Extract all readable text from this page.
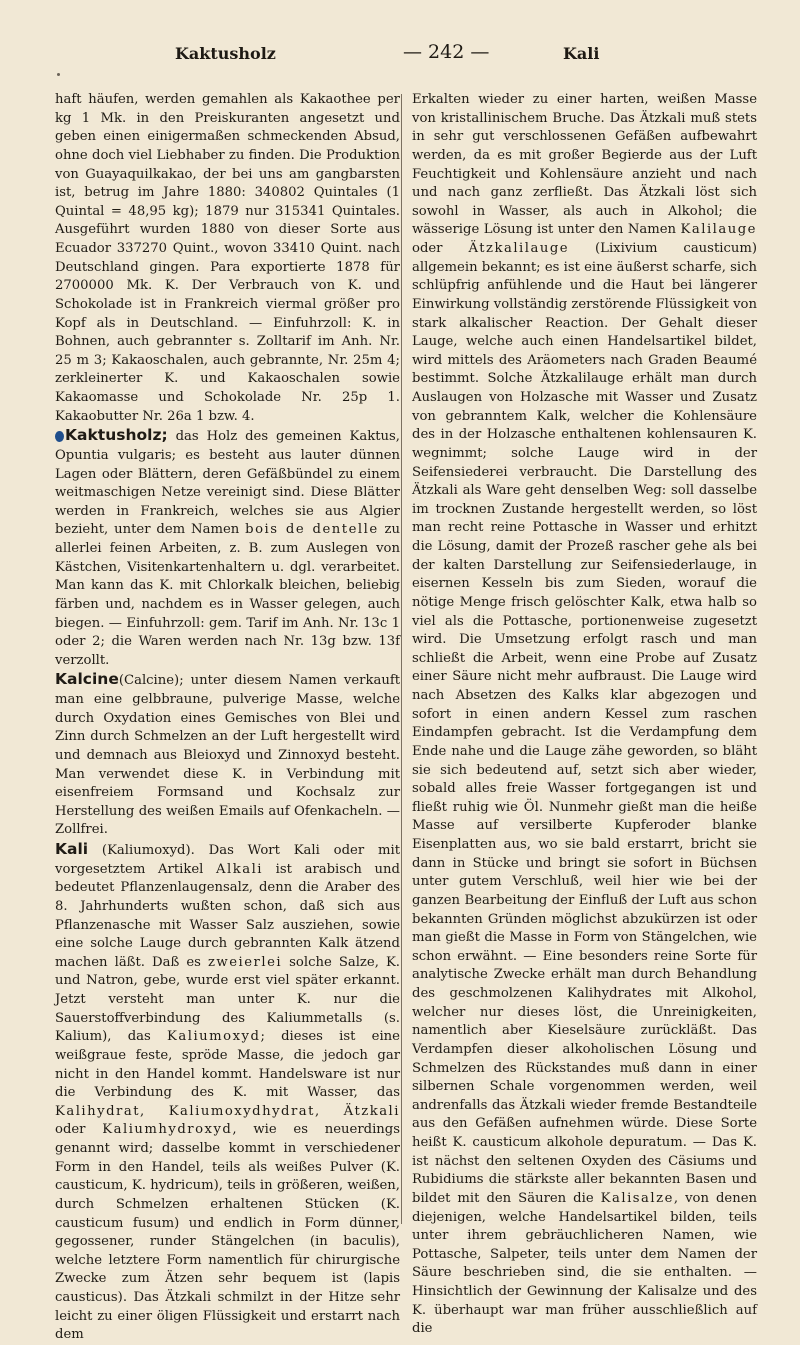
Kaktusholz	— 242 —	Kali

haft häufen, werden gemahlen als Kakaothee per kg 1 Mk. in den Preiskuranten angesetzt und geben einen einigermaßen schmeckenden Absud, ohne doch viel Liebhaber zu finden. Die Produktion von Guayaquilkakao, der bei uns am gangbarsten ist, betrug im Jahre 1880: 340802 Quintales (1 Quintal = 48,95 kg); 1879 nur 315341 Quintales. Ausgeführt wurden 1880 von dieser Sorte aus Ecuador 337270 Quint., wovon 33410 Quint. nach Deutschland gingen. Para exportierte 1878 für 2700000 Mk. K. Der Verbrauch von K. und Schokolade ist in Frankreich viermal größer pro Kopf als in Deutschland. — Einfuhrzoll: K. in Bohnen, auch gebrannter s. Zolltarif im Anh. Nr. 25 m 3; Kakaoschalen, auch gebrannte, Nr. 25m 4; zerkleinerter K. und Kakaoschalen sowie Kakaomasse und Schokolade Nr. 25p 1. Kakaobutter Nr. 26a 1 bzw. 4.

Kaktusholz; das Holz des gemeinen Kaktus, Opuntia vulgaris; es besteht aus lauter dünnen Lagen oder Blättern, deren Gefäßbündel zu einem weitmaschigen Netze vereinigt sind. Diese Blätter werden in Frankreich, welches sie aus Algier bezieht, unter dem Namen bois de dentelle zu allerlei feinen Arbeiten, z. B. zum Auslegen von Kästchen, Visitenkartenhaltern u. dgl. verarbeitet. Man kann das K. mit Chlorkalk bleichen, beliebig färben und, nachdem es in Wasser gelegen, auch biegen. — Einfuhrzoll: gem. Tarif im Anh. Nr. 13c 1 oder 2; die Waren werden nach Nr. 13g bzw. 13f verzollt.

Kalcine(Calcine); unter diesem Namen verkauft man eine gelbbraune, pulverige Masse, welche durch Oxydation eines Gemisches von Blei und Zinn durch Schmelzen an der Luft hergestellt wird und demnach aus Bleioxyd und Zinnoxyd besteht. Man verwendet diese K. in Verbindung mit eisenfreiem Formsand und Kochsalz zur Herstellung des weißen Emails auf Ofenkacheln. — Zollfrei.

Kali (Kaliumoxyd). Das Wort Kali oder mit vorgesetztem Artikel Alkali ist arabisch und bedeutet Pflanzenlaugensalz, denn die Araber des 8. Jahrhunderts wußten schon, daß sich aus Pflanzenasche mit Wasser Salz ausziehen, sowie eine solche Lauge durch gebrannten Kalk ätzend machen läßt. Daß es zweierlei solche Salze, K. und Natron, gebe, wurde erst viel später erkannt. Jetzt versteht man unter K. nur die Sauerstoffverbindung des Kaliummetalls (s. Kalium), das Kaliumoxyd; dieses ist eine weißgraue feste, spröde Masse, die jedoch gar nicht in den Handel kommt. Handelsware ist nur die Verbindung des K. mit Wasser, das Kalihydrat, Kaliumoxydhydrat, Ätzkali oder Kaliumhydroxyd, wie es neuerdings genannt wird; dasselbe kommt in verschiedener Form in den Handel, teils als weißes Pulver (K. causticum, K. hydricum), teils in größeren, weißen, durch Schmelzen erhaltenen Stücken (K. causticum fusum) und endlich in Form dünner, gegossener, runder Stängelchen (in baculis), welche letztere Form namentlich für chirurgische Zwecke zum Ätzen sehr bequem ist (lapis causticus). Das Ätzkali schmilzt in der Hitze sehr leicht zu einer öligen Flüssigkeit und erstarrt nach dem

Erkalten wieder zu einer harten, weißen Masse von kristallinischem Bruche. Das Ätzkali muß stets in sehr gut verschlossenen Gefäßen aufbewahrt werden, da es mit großer Begierde aus der Luft Feuchtigkeit und Kohlensäure anzieht und nach und nach ganz zerfließt. Das Ätzkali löst sich sowohl in Wasser, als auch in Alkohol; die wässerige Lösung ist unter den Namen Kalilauge oder Ätzkalilauge (Lixivium causticum) allgemein bekannt; es ist eine äußerst scharfe, sich schlüpfrig anfühlende und die Haut bei längerer Einwirkung vollständig zerstörende Flüssigkeit von stark alkalischer Reaction. Der Gehalt dieser Lauge, welche auch einen Handelsartikel bildet, wird mittels des Aräometers nach Graden Beaumé bestimmt. Solche Ätzkalilauge erhält man durch Auslaugen von Holzasche mit Wasser und Zusatz von gebranntem Kalk, welcher die Kohlensäure des in der Holzasche enthaltenen kohlensauren K. wegnimmt; solche Lauge wird in der Seifensiederei verbraucht. Die Darstellung des Ätzkali als Ware geht denselben Weg: soll dasselbe im trocknen Zustande hergestellt werden, so löst man recht reine Pottasche in Wasser und erhitzt die Lösung, damit der Prozeß rascher gehe als bei der kalten Darstellung zur Seifensiederlauge, in eisernen Kesseln bis zum Sieden, worauf die nötige Menge frisch gelöschter Kalk, etwa halb so viel als die Pottasche, portionenweise zugesetzt wird. Die Umsetzung erfolgt rasch und man schließt die Arbeit, wenn eine Probe auf Zusatz einer Säure nicht mehr aufbraust. Die Lauge wird nach Absetzen des Kalks klar abgezogen und sofort in einen andern Kessel zum raschen Eindampfen gebracht. Ist die Verdampfung dem Ende nahe und die Lauge zähe geworden, so bläht sie sich bedeutend auf, setzt sich aber wieder, sobald alles freie Wasser fortgegangen ist und fließt ruhig wie Öl. Nunmehr gießt man die heiße Masse auf versilberte Kupferoder blanke Eisenplatten aus, wo sie bald erstarrt, bricht sie dann in Stücke und bringt sie sofort in Büchsen unter gutem Verschluß, weil hier wie bei der ganzen Bearbeitung der Einfluß der Luft aus schon bekannten Gründen möglichst abzukürzen ist oder man gießt die Masse in Form von Stängelchen, wie schon erwähnt. — Eine besonders reine Sorte für analytische Zwecke erhält man durch Behandlung des geschmolzenen Kalihydrates mit Alkohol, welcher nur dieses löst, die Unreinigkeiten, namentlich aber Kieselsäure zurückläßt. Das Verdampfen dieser alkoholischen Lösung und Schmelzen des Rückstandes muß dann in einer silbernen Schale vorgenommen werden, weil andrenfalls das Ätzkali wieder fremde Bestandteile aus den Gefäßen aufnehmen würde. Diese Sorte heißt K. causticum alkohole depuratum. — Das K. ist nächst den seltenen Oxyden des Cäsiums und Rubidiums die stärkste aller bekannten Basen und bildet mit den Säuren die Kalisalze, von denen diejenigen, welche Handelsartikel bilden, teils unter ihrem gebräuchlicheren Namen, wie Pottasche, Salpeter, teils unter dem Namen der Säure beschrieben sind, die sie enthalten. — Hinsichtlich der Gewinnung der Kalisalze und des K. überhaupt war man früher ausschließlich auf die
